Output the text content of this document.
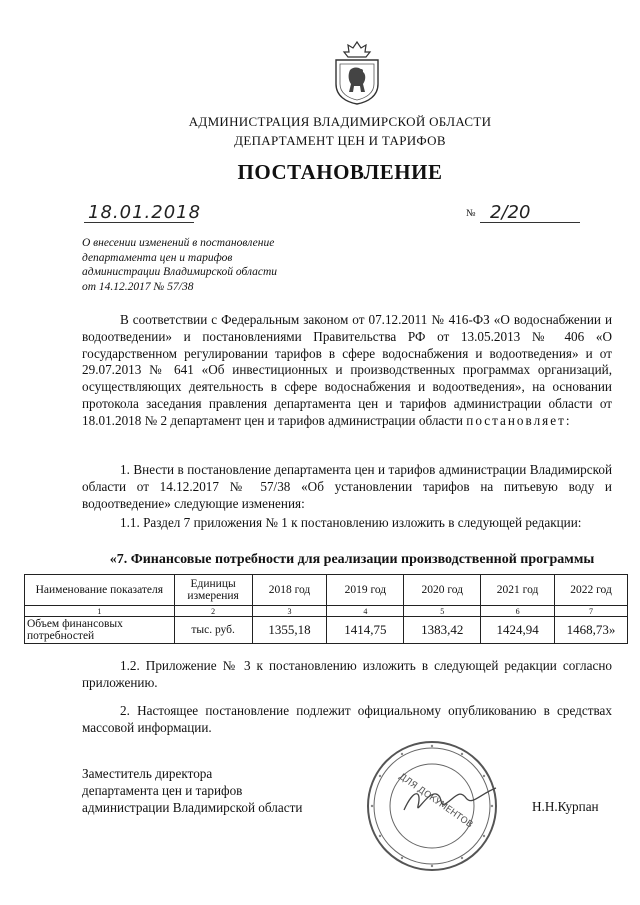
АДМИНИСТРАЦИЯ ВЛАДИМИРСКОЙ ОБЛАСТИ
ДЕПАРТАМЕНТ ЦЕН И ТАРИФОВ
ПОСТАНОВЛЕНИЕ
18.01.2018	№ 2/20
О внесении изменений в постановление
департамента цен и тарифов
администрации Владимирской области
от 14.12.2017 № 57/38
В соответствии с Федеральным законом от 07.12.2011 № 416-ФЗ «О водоснабжении и водоотведении» и постановлениями Правительства РФ от 13.05.2013 № 406 «О государственном регулировании тарифов в сфере водоснабжения и водоотведения» и от 29.07.2013 № 641 «Об инвестиционных и производственных программах организаций, осуществляющих деятельность в сфере водоснабжения и водоотведения», на основании протокола заседания правления департамента цен и тарифов администрации области от 18.01.2018 № 2 департамент цен и тарифов администрации области постановляет:
1. Внести в постановление департамента цен и тарифов администрации Владимирской области от 14.12.2017 № 57/38 «Об установлении тарифов на питьевую воду и водоотведение» следующие изменения:
1.1. Раздел 7 приложения № 1 к постановлению изложить в следующей редакции:
«7. Финансовые потребности для реализации производственной программы
Наименование показателя	Единицы измерения	2018 год	2019 год	2020 год	2021 год	2022 год
1	2	3	4	5	6	7
Объем финансовых потребностей	тыс. руб.	1355,18	1414,75	1383,42	1424,94	1468,73»
1.2. Приложение № 3 к постановлению изложить в следующей редакции согласно приложению.
2. Настоящее постановление подлежит официальному опубликованию в средствах массовой информации.
Заместитель директора
департамента цен и тарифов
администрации Владимирской области	Н.Н.Курпан
ДЛЯ ДОКУМЕНТОВ
